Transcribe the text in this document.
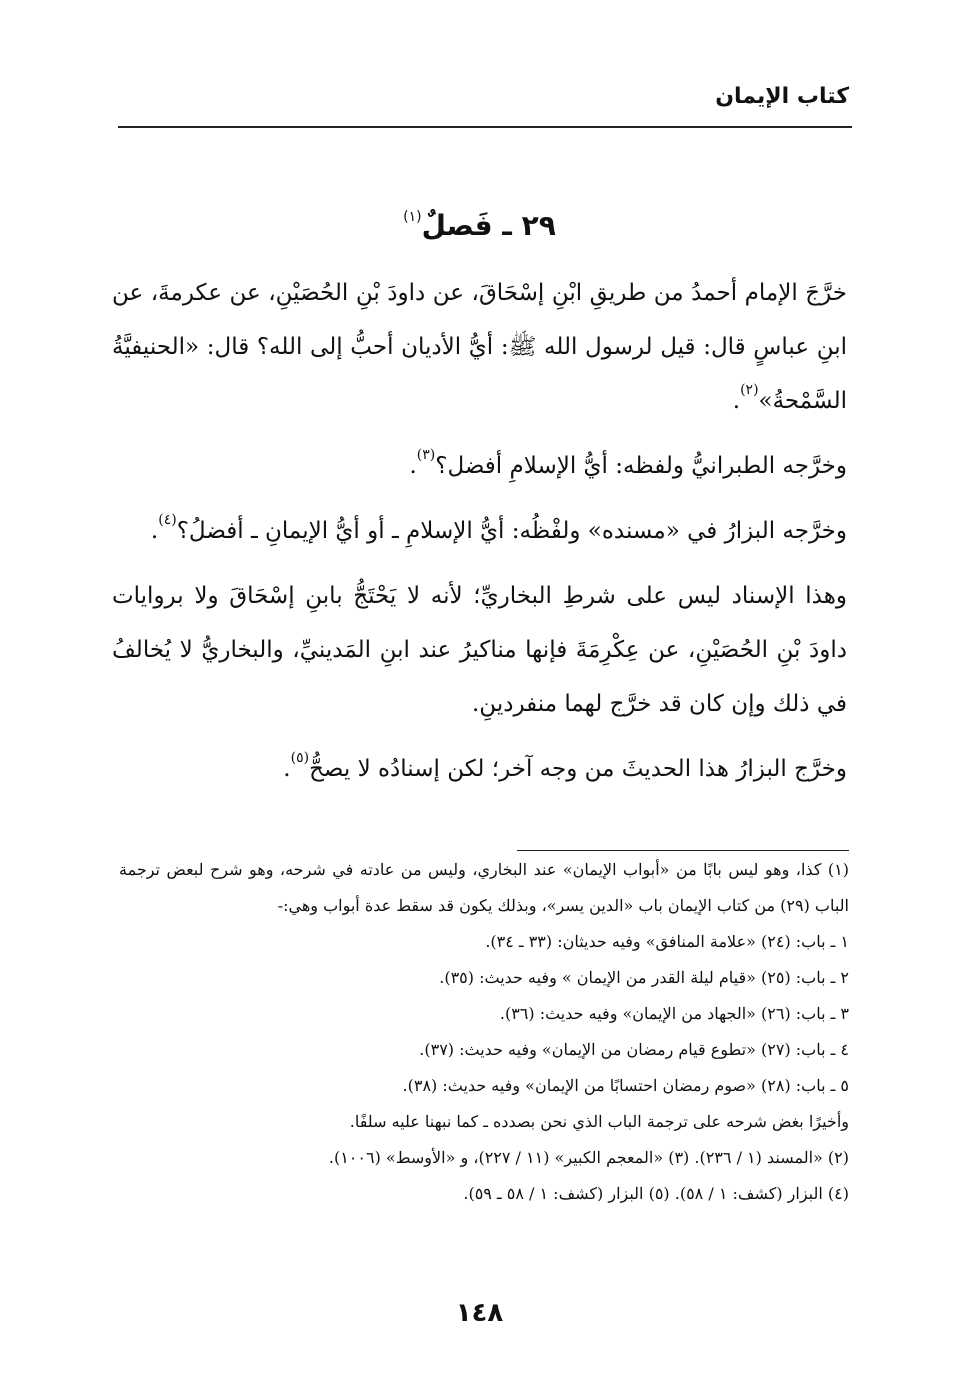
كتاب الإيمان
٢٩ ـ فَصلٌ$^{(١)}$

خرَّجَ الإمام أحمدُ من طريقِ ابْنِ إسْحَاقَ، عن داودَ بْنِ الحُصَيْنِ، عن عكرمةَ، عن ابنِ عباسٍ قال: قيل لرسول الله ﷺ: أيُّ الأديان أحبُّ إلى الله؟ قال: «الحنيفيَّةُ السَّمْحةُ»$^{(٢)}$.

وخرَّجه الطبرانيُّ ولفظه: أيُّ الإسلامِ أفضل؟$^{(٣)}$.

وخرَّجه البزارُ في «مسنده» ولفْظُه: أيُّ الإسلامِ ـ أو أيُّ الإيمانِ ـ أفضلُ؟$^{(٤)}$.

وهذا الإسناد ليس على شرطِ البخاريِّ؛ لأنه لا يَحْتَجُّ بابنِ إسْحَاقَ ولا بروايات داودَ بْنِ الحُصَيْنِ، عن عِكْرِمَةَ فإنها مناكيرُ عند ابنِ المَدينيِّ، والبخاريُّ لا يُخالفُ في ذلك وإن كان قد خرَّج لهما منفردينِ.

وخرَّج البزارُ هذا الحديثَ من وجه آخر؛ لكن إسنادُه لا يصحُّ$^{(٥)}$.

(١) كذا، وهو ليس بابًا من «أبواب الإيمان» عند البخاري، وليس من عادته في شرحه، وهو شرح لبعض ترجمة الباب (٢٩) من كتاب الإيمان باب «الدين يسر»، وبذلك يكون قد سقط عدة أبواب وهي:-

١ ـ باب: (٢٤) «علامة المنافق» وفيه حديثان: (٣٣ ـ ٣٤).
٢ ـ باب: (٢٥) «قيام ليلة القدر من الإيمان » وفيه حديث: (٣٥).
٣ ـ باب: (٢٦) «الجهاد من الإيمان» وفيه حديث: (٣٦).
٤ ـ باب: (٢٧) «تطوع قيام رمضان من الإيمان» وفيه حديث: (٣٧).
٥ ـ باب: (٢٨) «صوم رمضان احتسابًا من الإيمان» وفيه حديث: (٣٨).

وأخيرًا بغض شرحه على ترجمة الباب الذي نحن بصدده ـ كما نبهنا عليه سلفًا.

(٢) «المسند (١ / ٢٣٦). (٣) «المعجم الكبير» (١١ / ٢٢٧)، و «الأوسط» (١٠٠٦).

(٤) البزار (كشف: ١ / ٥٨). (٥) البزار (كشف: ١ / ٥٨ ـ ٥٩).

١٤٨
